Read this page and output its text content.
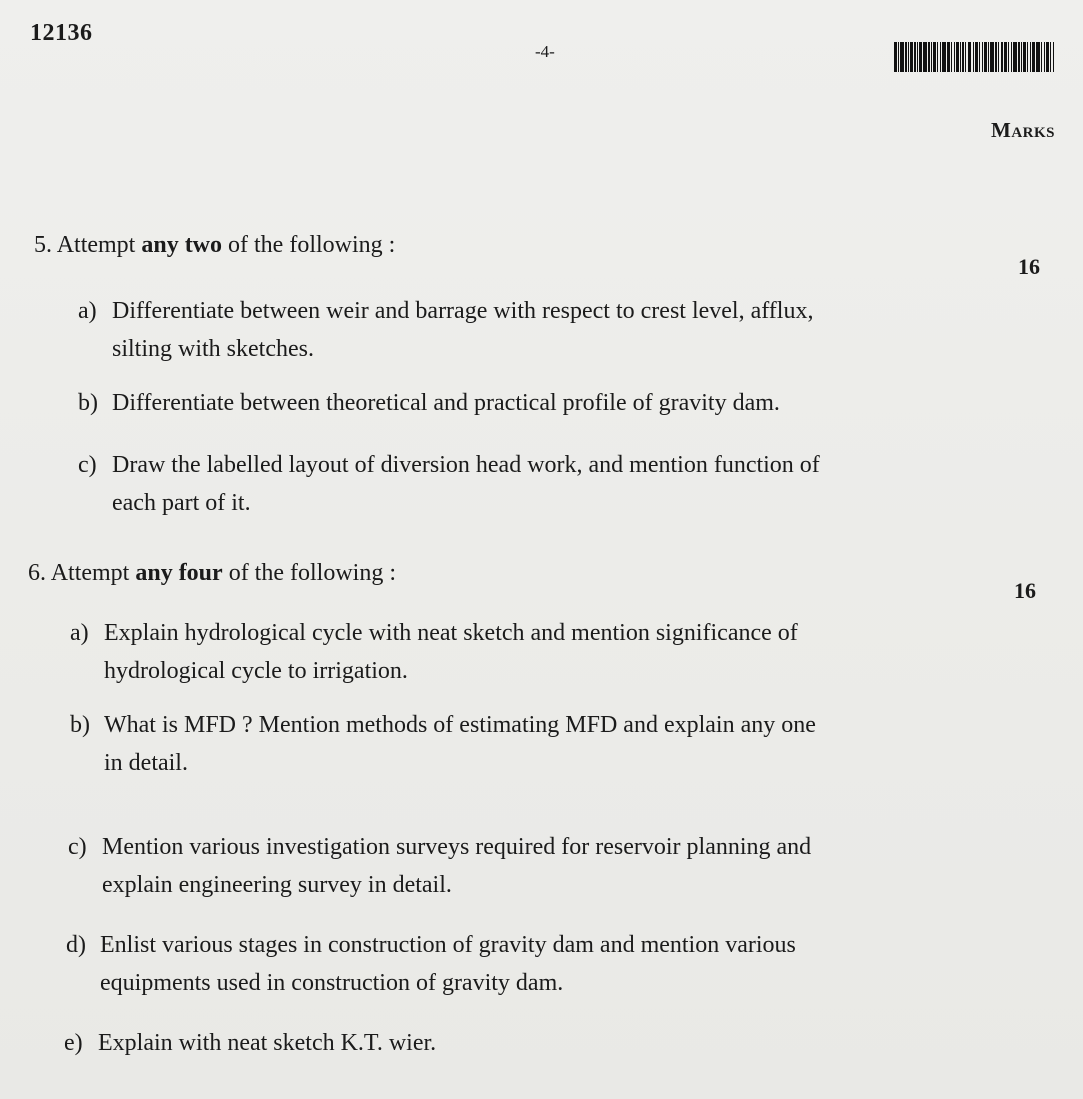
12136
-4-
Marks
5. Attempt any two of the following :
16
a) Differentiate between weir and barrage with respect to crest level, afflux,
silting with sketches.
b) Differentiate between theoretical and practical profile of gravity dam.
c) Draw the labelled layout of diversion head work, and mention function of
each part of it.
6. Attempt any four of the following :
16
a) Explain hydrological cycle with neat sketch and mention significance of
hydrological cycle to irrigation.
b) What is MFD ? Mention methods of estimating MFD and explain any one
in detail.
c) Mention various investigation surveys required for reservoir planning and
explain engineering survey in detail.
d) Enlist various stages in construction of gravity dam and mention various
equipments used in construction of gravity dam.
e) Explain with neat sketch K.T. wier.
